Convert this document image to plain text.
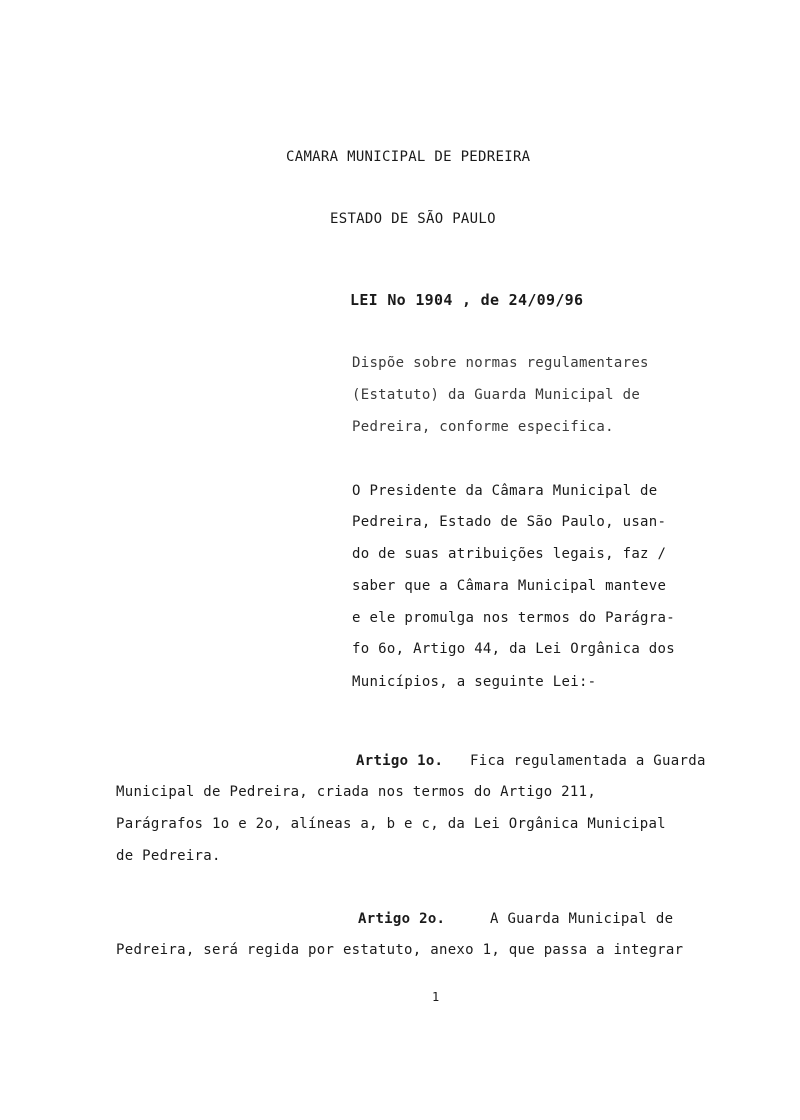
CAMARA MUNICIPAL DE PEDREIRA
ESTADO DE SÃO PAULO
LEI No 1904 , de 24/09/96
Dispõe sobre normas regulamentares
(Estatuto) da Guarda Municipal de
Pedreira, conforme especifica.
O Presidente da Câmara Municipal de
Pedreira, Estado de São Paulo, usan-
do de suas atribuições legais, faz /
saber que a Câmara Municipal manteve
e ele promulga nos termos do Parágra-
fo 6o, Artigo 44, da Lei Orgânica dos
Municípios, a seguinte Lei:-
Artigo 1o. Fica regulamentada a Guarda
Municipal de Pedreira, criada nos termos do Artigo 211,
Parágrafos 1o e 2o, alíneas a, b e c, da Lei Orgânica Municipal
de Pedreira.
Artigo 2o.	A Guarda Municipal de
Pedreira, será regida por estatuto, anexo 1, que passa a integrar
1
